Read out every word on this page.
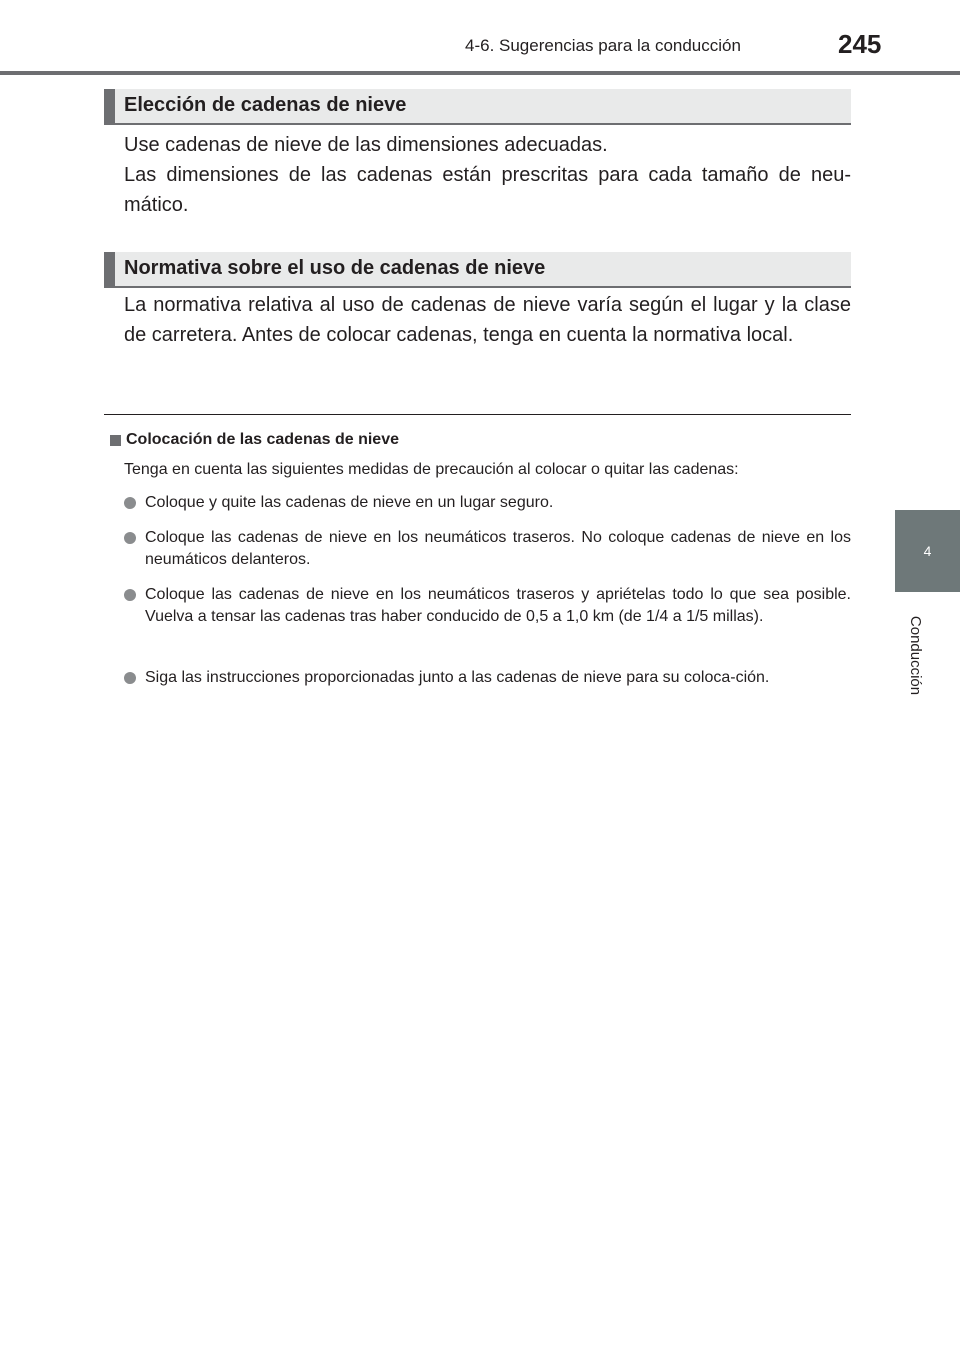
4-6. Sugerencias para la conducción	245
4
Conducción
Elección de cadenas de nieve

Use cadenas de nieve de las dimensiones adecuadas.

Las dimensiones de las cadenas están prescritas para cada tamaño de neu-mático.

Normativa sobre el uso de cadenas de nieve

La normativa relativa al uso de cadenas de nieve varía según el lugar y la clase de carretera. Antes de colocar cadenas, tenga en cuenta la normativa local.

Colocación de las cadenas de nieve
Tenga en cuenta las siguientes medidas de precaución al colocar o quitar las cadenas:
Coloque y quite las cadenas de nieve en un lugar seguro.
Coloque las cadenas de nieve en los neumáticos traseros. No coloque cadenas de nieve en los neumáticos delanteros.
Coloque las cadenas de nieve en los neumáticos traseros y apriételas todo lo que sea posible. Vuelva a tensar las cadenas tras haber conducido de 0,5 a 1,0 km (de 1/4 a 1/5 millas).
Siga las instrucciones proporcionadas junto a las cadenas de nieve para su coloca-ción.
